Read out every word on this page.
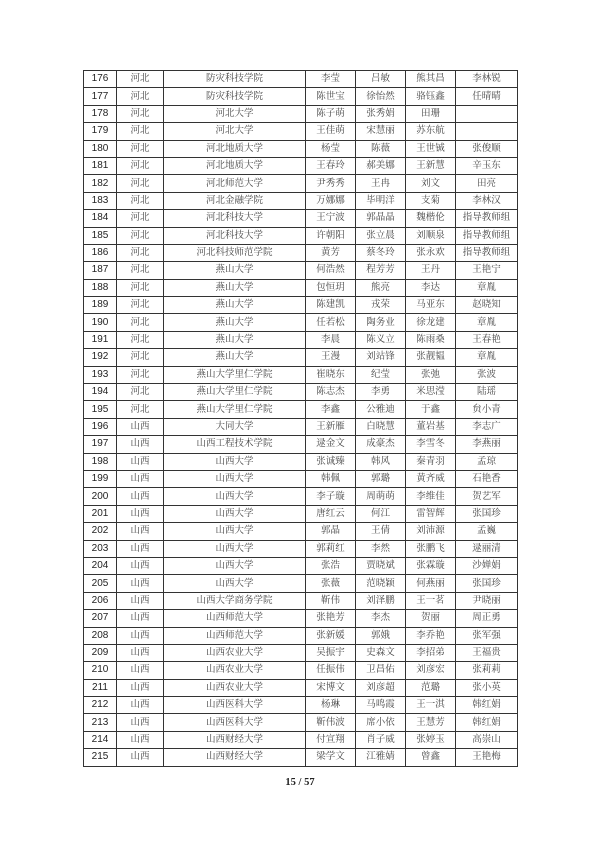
176	河北	防灾科技学院	李莹	吕敏	熊其昌	李林锐
177	河北	防灾科技学院	陈世宝	徐怡然	骆钰鑫	任晴晴
178	河北	河北大学	陈子萌	张秀娟	田珊	
179	河北	河北大学	王佳萌	宋慧丽	苏东航	
180	河北	河北地质大学	杨莹	陈薇	王世铖	张俊顺
181	河北	河北地质大学	王春玲	郝美娜	王新慧	辛玉东
182	河北	河北师范大学	尹秀秀	王冉	刘文	田亮
183	河北	河北金融学院	万娜娜	毕明洋	支菊	李林汉
184	河北	河北科技大学	王宁波	郭晶晶	魏楷伦	指导教师组
185	河北	河北科技大学	许朝阳	张立晨	刘顺泉	指导教师组
186	河北	河北科技师范学院	黄芳	蔡冬玲	张永欢	指导教师组
187	河北	燕山大学	何浩然	程芳芳	王丹	王艳宁
188	河北	燕山大学	包恒玥	熊亮	李达	章胤
189	河北	燕山大学	陈建凯	戎荣	马亚东	赵晓知
190	河北	燕山大学	任若松	陶务业	徐龙建	章胤
191	河北	燕山大学	李晨	陈义立	陈雨桑	王春艳
192	河北	燕山大学	王漫	刘站锋	张靓韫	章胤
193	河北	燕山大学里仁学院	崔晓东	纪莹	张弛	张波
194	河北	燕山大学里仁学院	陈志杰	李勇	米思滢	陆瑶
195	河北	燕山大学里仁学院	李鑫	公雅迪	于鑫	贠小青
196	山西	大同大学	王新雁	白晓慧	董岩基	李志广
197	山西	山西工程技术学院	逯金文	成豪杰	李雪冬	李燕丽
198	山西	山西大学	张诚臻	韩风	秦青羽	孟琼
199	山西	山西大学	韩佩	郭璐	黄齐威	石艳香
200	山西	山西大学	李子璇	周萌萌	李维佳	贺艺军
201	山西	山西大学	唐红云	何江	雷智辉	张国珍
202	山西	山西大学	郭晶	王倩	刘沛源	孟巍
203	山西	山西大学	郭莉红	李然	张鹏飞	逯丽清
204	山西	山西大学	张浩	贾晓斌	张霖璇	沙婵娟
205	山西	山西大学	张薇	范晓颖	何燕丽	张国珍
206	山西	山西大学商务学院	靳伟	刘泽鹏	王一茗	尹晓丽
207	山西	山西师范大学	张艳芳	李杰	贺丽	周正勇
208	山西	山西师范大学	张新媛	郭娥	李乔艳	张军强
209	山西	山西农业大学	吴振宇	史森文	李招弟	王福贵
210	山西	山西农业大学	任振伟	卫昌佑	刘彦宏	张莉莉
211	山西	山西农业大学	宋博文	刘彦超	范璐	张小英
212	山西	山西医科大学	杨琳	马鸣霞	王一淇	韩红娟
213	山西	山西医科大学	靳伟波	席小依	王慧芳	韩红娟
214	山西	山西财经大学	付宣翔	肖子威	张婷玉	高崇山
215	山西	山西财经大学	梁学文	江雅婧	曾鑫	王艳梅
15 / 57
